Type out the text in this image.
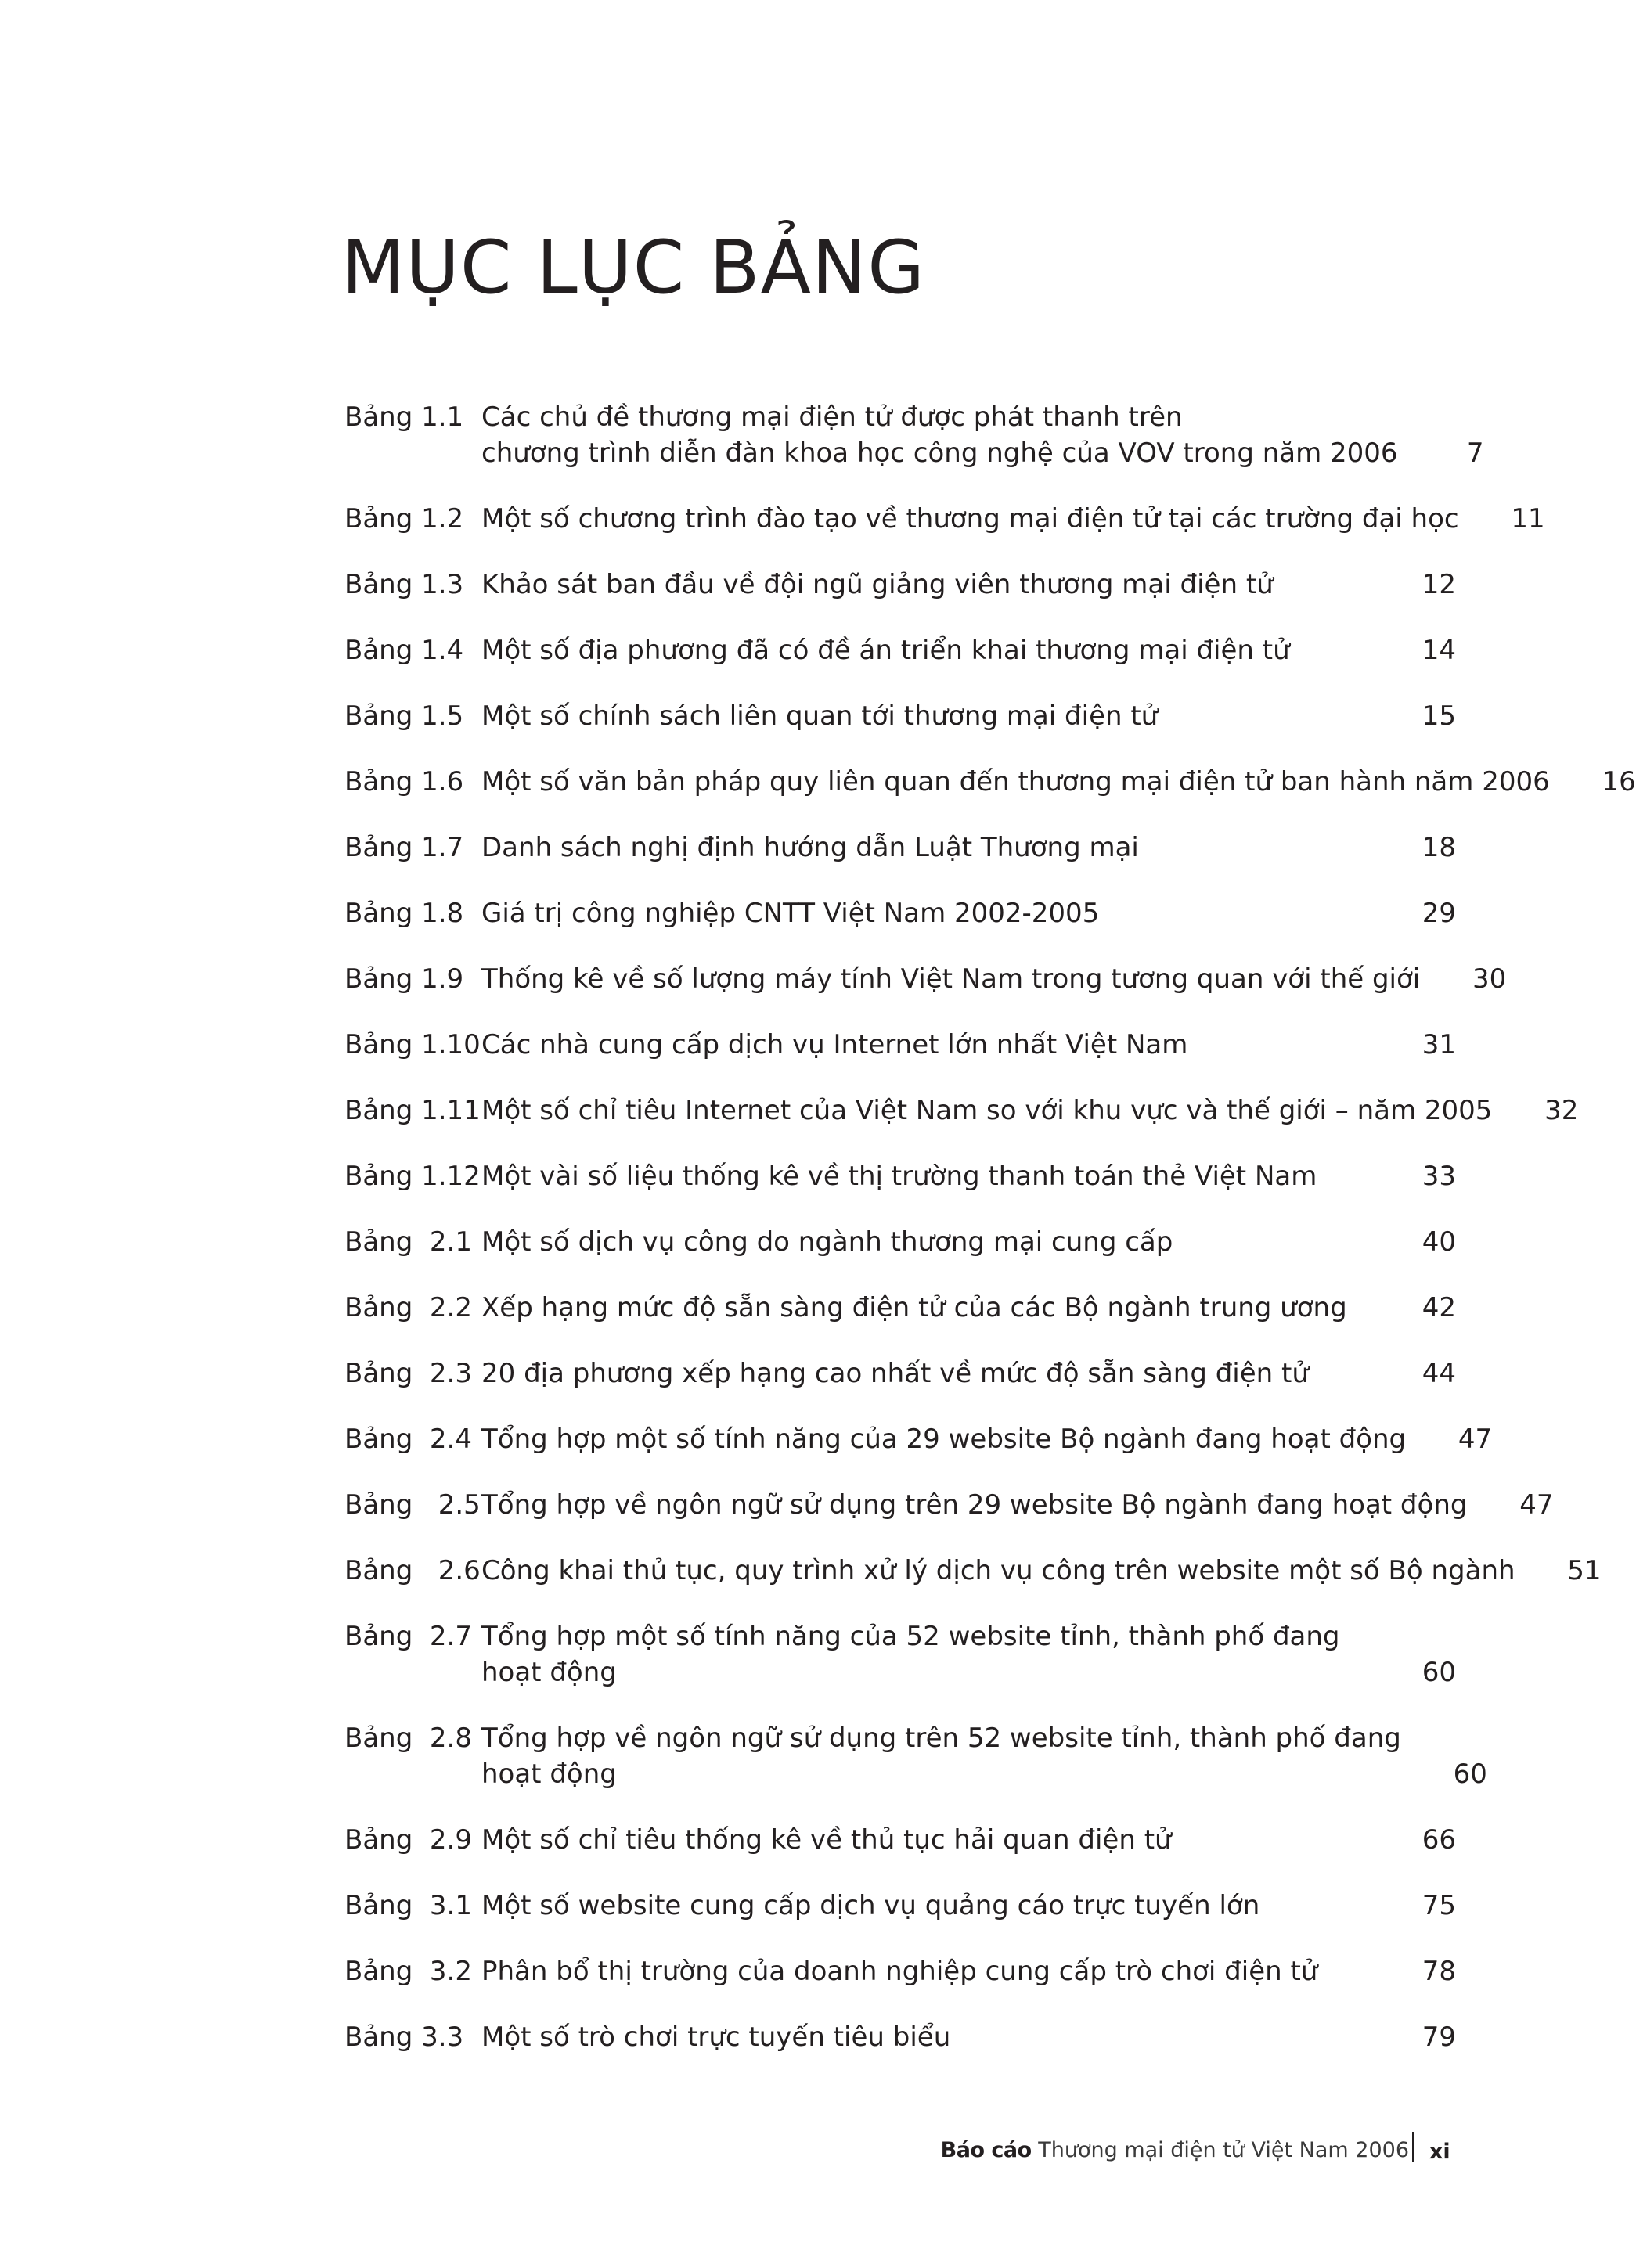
MỤC LỤC BẢNG
Bảng 1.1 Các chủ đề thương mại điện tử được phát thanh trên
chương trình diễn đàn khoa học công nghệ của VOV trong năm 2006	7
Bảng 1.2 Một số chương trình đào tạo về thương mại điện tử tại các trường đại học	11
Bảng 1.3 Khảo sát ban đầu về đội ngũ giảng viên thương mại điện tử	12
Bảng 1.4 Một số địa phương đã có đề án triển khai thương mại điện tử	14
Bảng 1.5 Một số chính sách liên quan tới thương mại điện tử	15
Bảng 1.6 Một số văn bản pháp quy liên quan đến thương mại điện tử ban hành năm 2006	16
Bảng 1.7 Danh sách nghị định hướng dẫn Luật Thương mại	18
Bảng 1.8 Giá trị công nghiệp CNTT Việt Nam 2002-2005	29
Bảng 1.9 Thống kê về số lượng máy tính Việt Nam trong tương quan với thế giới	30
Bảng 1.10 Các nhà cung cấp dịch vụ Internet lớn nhất Việt Nam	31
Bảng 1.11 Một số chỉ tiêu Internet của Việt Nam so với khu vực và thế giới – năm 2005	32
Bảng 1.12 Một vài số liệu thống kê về thị trường thanh toán thẻ Việt Nam	33
Bảng  2.1 Một số dịch vụ công do ngành thương mại cung cấp	40
Bảng  2.2 Xếp hạng mức độ sẵn sàng điện tử của các Bộ ngành trung ương	42
Bảng  2.3 20 địa phương xếp hạng cao nhất về mức độ sẵn sàng điện tử	44
Bảng  2.4 Tổng hợp một số tính năng của 29 website Bộ ngành đang hoạt động	47
Bảng   2.5 Tổng hợp về ngôn ngữ sử dụng trên 29 website Bộ ngành đang hoạt động	47
Bảng   2.6 Công khai thủ tục, quy trình xử lý dịch vụ công trên website một số Bộ ngành	51
Bảng  2.7 Tổng hợp một số tính năng của 52 website tỉnh, thành phố đang
hoạt động	60
Bảng  2.8 Tổng hợp về ngôn ngữ sử dụng trên 52 website tỉnh, thành phố đang
hoạt động	60
Bảng  2.9 Một số chỉ tiêu thống kê về thủ tục hải quan điện tử	66
Bảng  3.1 Một số website cung cấp dịch vụ quảng cáo trực tuyến lớn	75
Bảng  3.2 Phân bổ thị trường của doanh nghiệp cung cấp trò chơi điện tử	78
Bảng 3.3 Một số trò chơi trực tuyến tiêu biểu	79
Báo cáo Thương mại điện tử Việt Nam 2006 xi
